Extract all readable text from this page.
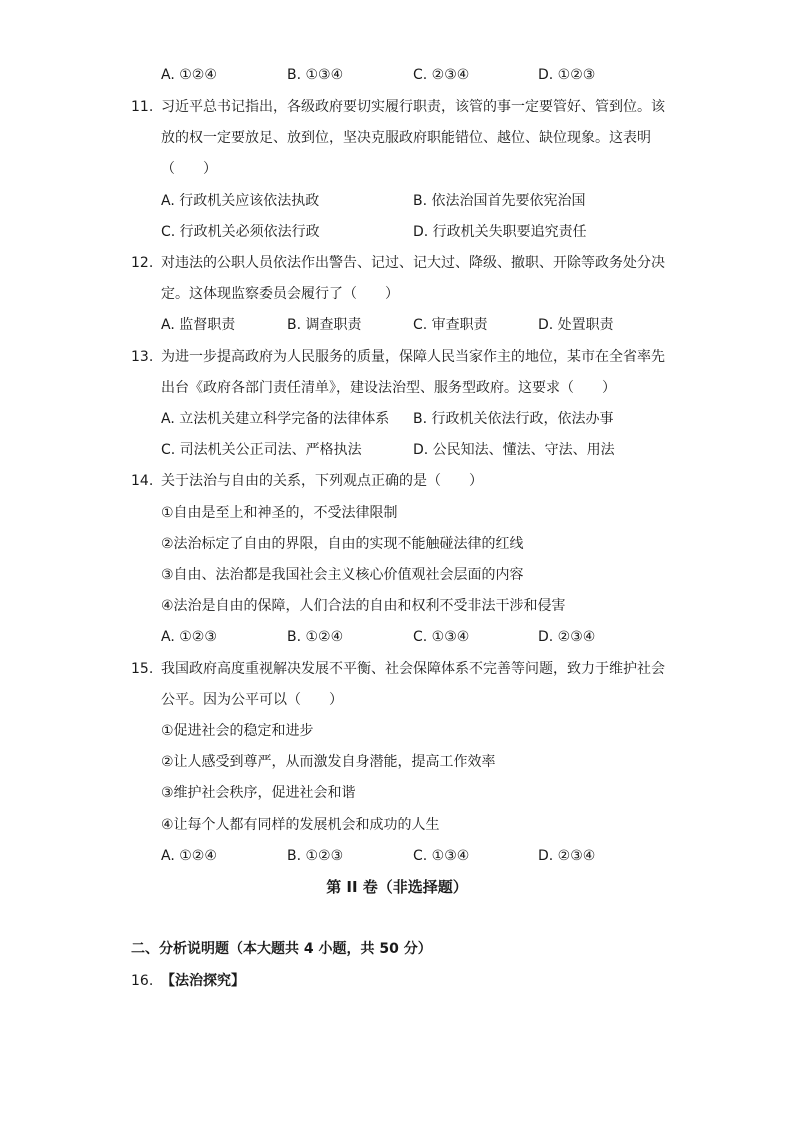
A. ①②④	B. ①③④	C. ②③④	D. ①②③
11. 习近平总书记指出，各级政府要切实履行职责，该管的事一定要管好、管到位。该
放的权一定要放足、放到位，坚决克服政府职能错位、越位、缺位现象。这表明
（　　）
A. 行政机关应该依法执政	B. 依法治国首先要依宪治国
C. 行政机关必须依法行政	D. 行政机关失职要追究责任
12. 对违法的公职人员依法作出警告、记过、记大过、降级、撤职、开除等政务处分决
定。这体现监察委员会履行了（　　）
A. 监督职责	B. 调查职责	C. 审查职责	D. 处置职责
13. 为进一步提高政府为人民服务的质量，保障人民当家作主的地位，某市在全省率先
出台《政府各部门责任清单》，建设法治型、服务型政府。这要求（　　）
A. 立法机关建立科学完备的法律体系 B. 行政机关依法行政，依法办事
C. 司法机关公正司法、严格执法	D. 公民知法、懂法、守法、用法
14. 关于法治与自由的关系，下列观点正确的是（　　）
①自由是至上和神圣的，不受法律限制
②法治标定了自由的界限，自由的实现不能触碰法律的红线
③自由、法治都是我国社会主义核心价值观社会层面的内容
④法治是自由的保障，人们合法的自由和权利不受非法干涉和侵害
A. ①②③	B. ①②④	C. ①③④	D. ②③④
15. 我国政府高度重视解决发展不平衡、社会保障体系不完善等问题，致力于维护社会
公平。因为公平可以（　　）
①促进社会的稳定和进步
②让人感受到尊严，从而激发自身潜能，提高工作效率
③维护社会秩序，促进社会和谐
④让每个人都有同样的发展机会和成功的人生
A. ①②④	B. ①②③	C. ①③④	D. ②③④
第 II 卷（非选择题）
二、分析说明题（本大题共 4 小题，共 50 分）
16. 【法治探究】
